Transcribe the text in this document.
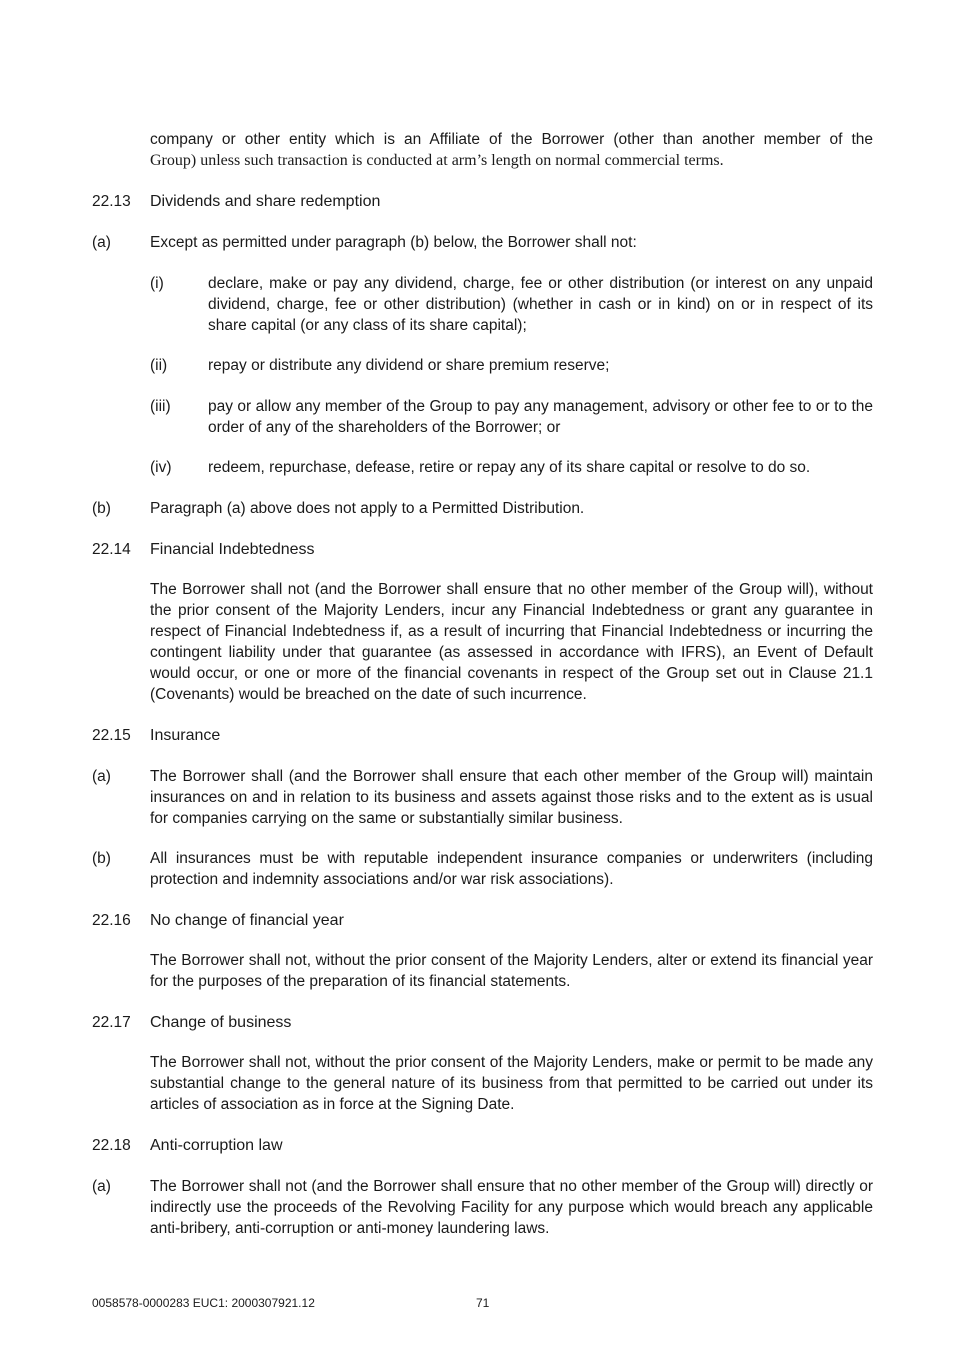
company or other entity which is an Affiliate of the Borrower (other than another member of the
Group) unless such transaction is conducted at arm’s length on normal commercial terms.
22.13 Dividends and share redemption
(a)	Except as permitted under paragraph (b) below, the Borrower shall not:
(i)	declare, make or pay any dividend, charge, fee or other distribution (or interest on any unpaid dividend, charge, fee or other distribution) (whether in cash or in kind) on or in respect of its share capital (or any class of its share capital);
(ii)	repay or distribute any dividend or share premium reserve;
(iii) pay or allow any member of the Group to pay any management, advisory or other fee to or to the order of any of the shareholders of the Borrower; or
(iv) redeem, repurchase, defease, retire or repay any of its share capital or resolve to do so.
(b)	Paragraph (a) above does not apply to a Permitted Distribution.
22.14 Financial Indebtedness
The Borrower shall not (and the Borrower shall ensure that no other member of the Group will), without the prior consent of the Majority Lenders, incur any Financial Indebtedness or grant any guarantee in respect of Financial Indebtedness if, as a result of incurring that Financial Indebtedness or incurring the contingent liability under that guarantee (as assessed in accordance with IFRS), an Event of Default would occur, or one or more of the financial covenants in respect of the Group set out in Clause 21.1 (Covenants) would be breached on the date of such incurrence.
22.15 Insurance
(a)	The Borrower shall (and the Borrower shall ensure that each other member of the Group will) maintain insurances on and in relation to its business and assets against those risks and to the extent as is usual for companies carrying on the same or substantially similar business.
(b)	All insurances must be with reputable independent insurance companies or underwriters (including protection and indemnity associations and/or war risk associations).
22.16 No change of financial year
The Borrower shall not, without the prior consent of the Majority Lenders, alter or extend its financial year for the purposes of the preparation of its financial statements.
22.17 Change of business
The Borrower shall not, without the prior consent of the Majority Lenders, make or permit to be made any substantial change to the general nature of its business from that permitted to be carried out under its articles of association as in force at the Signing Date.
22.18 Anti-corruption law
(a)	The Borrower shall not (and the Borrower shall ensure that no other member of the Group will) directly or indirectly use the proceeds of the Revolving Facility for any purpose which would breach any applicable anti-bribery, anti-corruption or anti-money laundering laws.
0058578-0000283 EUC1: 2000307921.12	71
